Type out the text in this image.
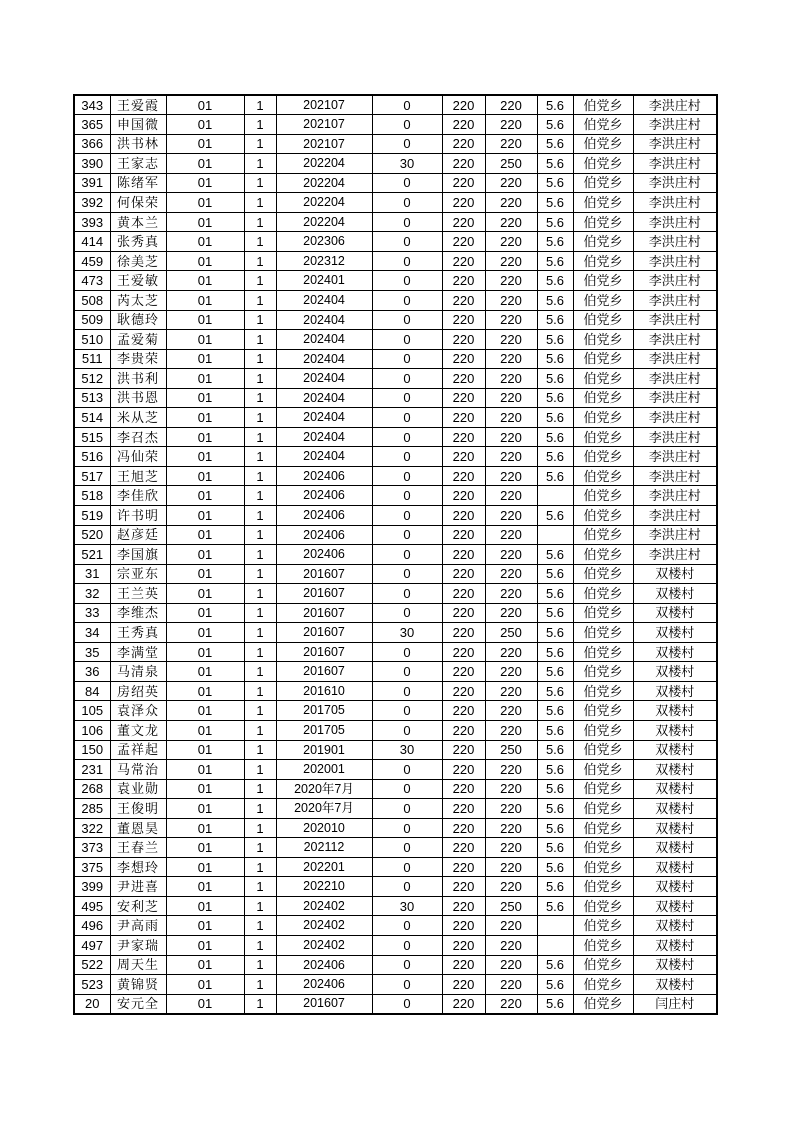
343	王爱霞	01	1	202107	0	220	220	5.6	伯党乡	李洪庄村
365	申国微	01	1	202107	0	220	220	5.6	伯党乡	李洪庄村
366	洪书林	01	1	202107	0	220	220	5.6	伯党乡	李洪庄村
390	王家志	01	1	202204	30	220	250	5.6	伯党乡	李洪庄村
391	陈绪军	01	1	202204	0	220	220	5.6	伯党乡	李洪庄村
392	何保荣	01	1	202204	0	220	220	5.6	伯党乡	李洪庄村
393	黄本兰	01	1	202204	0	220	220	5.6	伯党乡	李洪庄村
414	张秀真	01	1	202306	0	220	220	5.6	伯党乡	李洪庄村
459	徐美芝	01	1	202312	0	220	220	5.6	伯党乡	李洪庄村
473	王爱敏	01	1	202401	0	220	220	5.6	伯党乡	李洪庄村
508	芮太芝	01	1	202404	0	220	220	5.6	伯党乡	李洪庄村
509	耿德玲	01	1	202404	0	220	220	5.6	伯党乡	李洪庄村
510	孟爱菊	01	1	202404	0	220	220	5.6	伯党乡	李洪庄村
511	李贵荣	01	1	202404	0	220	220	5.6	伯党乡	李洪庄村
512	洪书利	01	1	202404	0	220	220	5.6	伯党乡	李洪庄村
513	洪书恩	01	1	202404	0	220	220	5.6	伯党乡	李洪庄村
514	米从芝	01	1	202404	0	220	220	5.6	伯党乡	李洪庄村
515	李召杰	01	1	202404	0	220	220	5.6	伯党乡	李洪庄村
516	冯仙荣	01	1	202404	0	220	220	5.6	伯党乡	李洪庄村
517	王旭芝	01	1	202406	0	220	220	5.6	伯党乡	李洪庄村
518	李佳欣	01	1	202406	0	220	220		伯党乡	李洪庄村
519	许书明	01	1	202406	0	220	220	5.6	伯党乡	李洪庄村
520	赵彦廷	01	1	202406	0	220	220		伯党乡	李洪庄村
521	李国旗	01	1	202406	0	220	220	5.6	伯党乡	李洪庄村
31	宗亚东	01	1	201607	0	220	220	5.6	伯党乡	双楼村
32	王兰英	01	1	201607	0	220	220	5.6	伯党乡	双楼村
33	李维杰	01	1	201607	0	220	220	5.6	伯党乡	双楼村
34	王秀真	01	1	201607	30	220	250	5.6	伯党乡	双楼村
35	李满堂	01	1	201607	0	220	220	5.6	伯党乡	双楼村
36	马清泉	01	1	201607	0	220	220	5.6	伯党乡	双楼村
84	房绍英	01	1	201610	0	220	220	5.6	伯党乡	双楼村
105	袁泽众	01	1	201705	0	220	220	5.6	伯党乡	双楼村
106	董文龙	01	1	201705	0	220	220	5.6	伯党乡	双楼村
150	孟祥起	01	1	201901	30	220	250	5.6	伯党乡	双楼村
231	马常治	01	1	202001	0	220	220	5.6	伯党乡	双楼村
268	袁业勋	01	1	2020年7月	0	220	220	5.6	伯党乡	双楼村
285	王俊明	01	1	2020年7月	0	220	220	5.6	伯党乡	双楼村
322	董恩昊	01	1	202010	0	220	220	5.6	伯党乡	双楼村
373	王春兰	01	1	202112	0	220	220	5.6	伯党乡	双楼村
375	李想玲	01	1	202201	0	220	220	5.6	伯党乡	双楼村
399	尹进喜	01	1	202210	0	220	220	5.6	伯党乡	双楼村
495	安利芝	01	1	202402	30	220	250	5.6	伯党乡	双楼村
496	尹高雨	01	1	202402	0	220	220		伯党乡	双楼村
497	尹家瑞	01	1	202402	0	220	220		伯党乡	双楼村
522	周天生	01	1	202406	0	220	220	5.6	伯党乡	双楼村
523	黄锦贤	01	1	202406	0	220	220	5.6	伯党乡	双楼村
20	安元全	01	1	201607	0	220	220	5.6	伯党乡	闫庄村
